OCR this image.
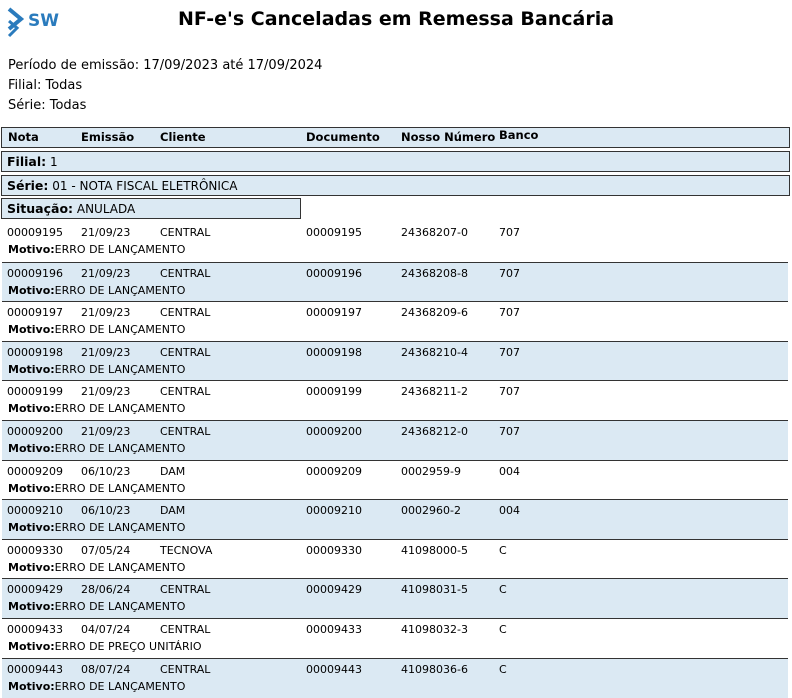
SW	NF-e's Canceladas em Remessa Bancária
Período de emissão: 17/09/2023 até 17/09/2024
Filial: Todas
Série: Todas
Nota	Emissão Cliente	Documento Nosso Número Banco
Filial: 1
Série: 01 - NOTA FISCAL ELETRÔNICA
Situação: ANULADA
00009195 21/09/23	CENTRAL	00009195	24368207-0	707
Motivo:ERRO DE LANÇAMENTO
00009196 21/09/23	CENTRAL	00009196	24368208-8	707
Motivo:ERRO DE LANÇAMENTO
00009197 21/09/23	CENTRAL	00009197	24368209-6	707
Motivo:ERRO DE LANÇAMENTO
00009198 21/09/23	CENTRAL	00009198	24368210-4	707
Motivo:ERRO DE LANÇAMENTO
00009199 21/09/23	CENTRAL	00009199	24368211-2	707
Motivo:ERRO DE LANÇAMENTO
00009200 21/09/23	CENTRAL	00009200	24368212-0	707
Motivo:ERRO DE LANÇAMENTO
00009209 06/10/23	DAM	00009209	0002959-9	004
Motivo:ERRO DE LANÇAMENTO
00009210 06/10/23	DAM	00009210	0002960-2	004
Motivo:ERRO DE LANÇAMENTO
00009330 07/05/24	TECNOVA	00009330	41098000-5	C
Motivo:ERRO DE LANÇAMENTO
00009429 28/06/24	CENTRAL	00009429	41098031-5	C
Motivo:ERRO DE LANÇAMENTO
00009433 04/07/24	CENTRAL	00009433	41098032-3	C
Motivo:ERRO DE PREÇO UNITÁRIO
00009443 08/07/24	CENTRAL	00009443	41098036-6	C
Motivo:ERRO DE LANÇAMENTO
